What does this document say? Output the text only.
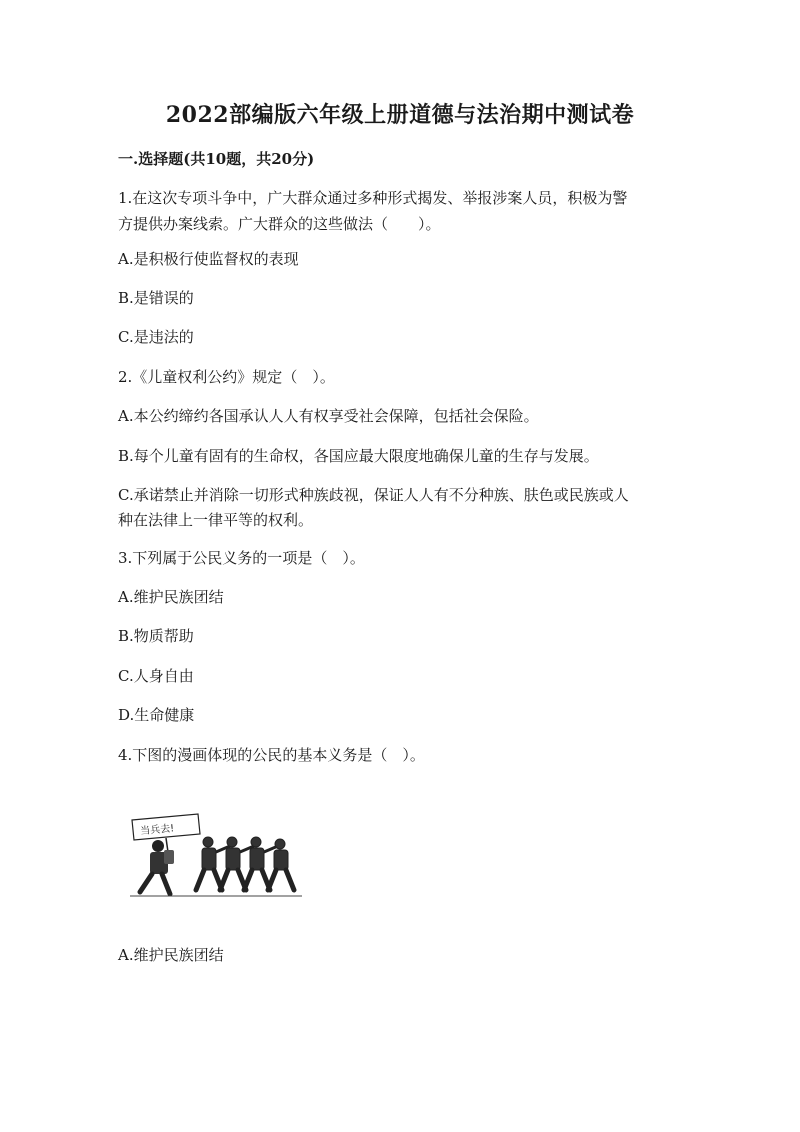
2022部编版六年级上册道德与法治期中测试卷
一.选择题(共10题，共20分)
1.在这次专项斗争中，广大群众通过多种形式揭发、举报涉案人员，积极为警
方提供办案线索。广大群众的这些做法（　　）。
A.是积极行使监督权的表现
B.是错误的
C.是违法的
2.《儿童权利公约》规定（　）。
A.本公约缔约各国承认人人有权享受社会保障，包括社会保险。
B.每个儿童有固有的生命权，各国应最大限度地确保儿童的生存与发展。
C.承诺禁止并消除一切形式种族歧视，保证人人有不分种族、肤色或民族或人
种在法律上一律平等的权利。
3.下列属于公民义务的一项是（　）。
A.维护民族团结
B.物质帮助
C.人身自由
D.生命健康
4.下图的漫画体现的公民的基本义务是（　）。
当兵去!
A.维护民族团结
